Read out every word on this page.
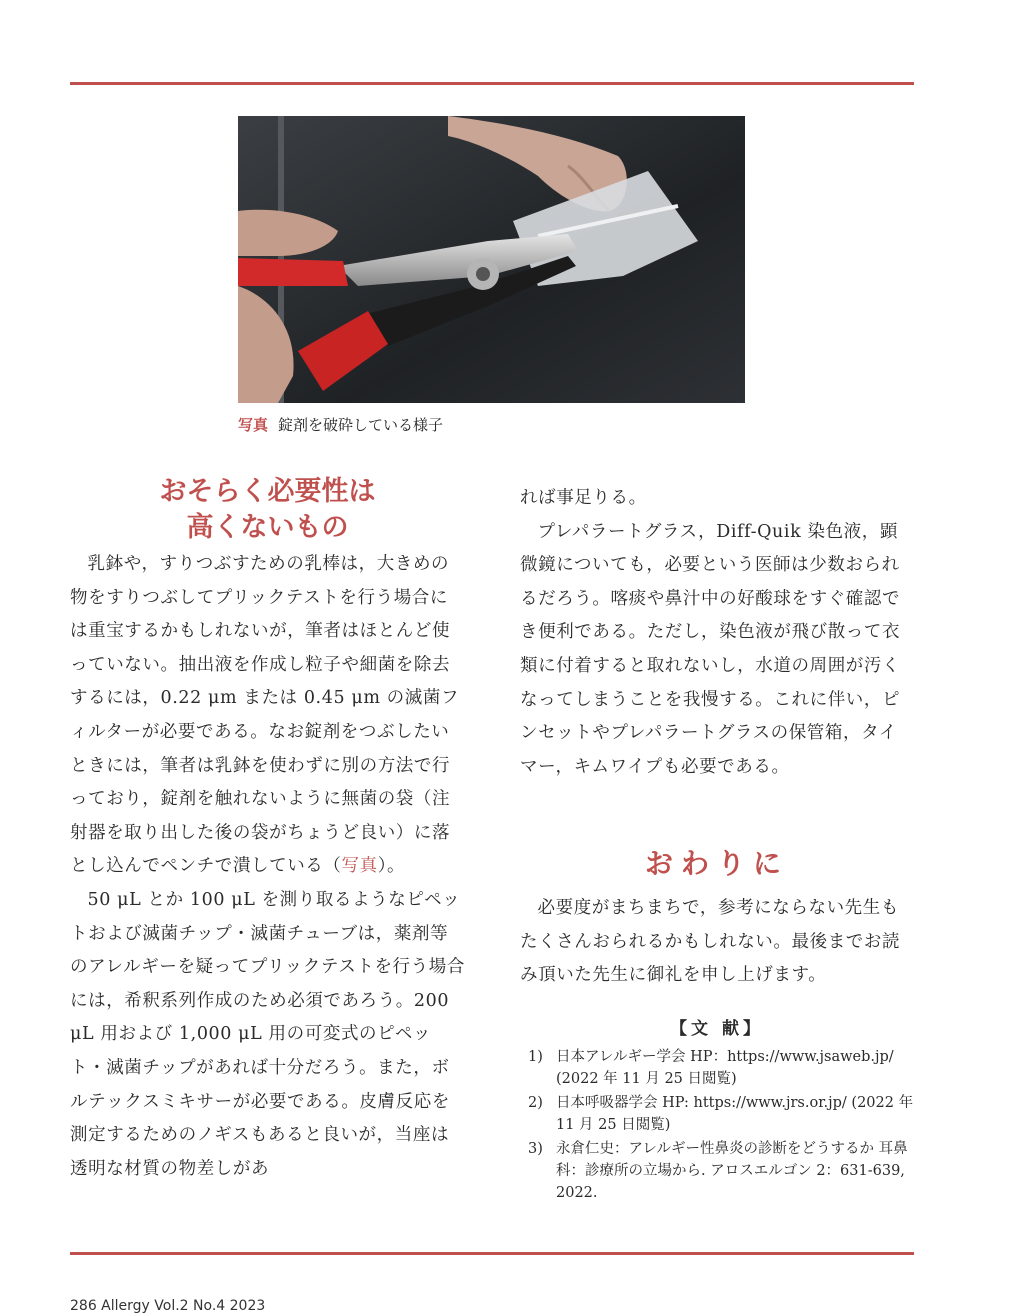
写真 錠剤を破砕している様子
おそらく必要性は
高くないもの

乳鉢や，すりつぶすための乳棒は，大きめの物をすりつぶしてプリックテストを行う場合には重宝するかもしれないが，筆者はほとんど使っていない。抽出液を作成し粒子や細菌を除去するには，0.22 μm または 0.45 μm の滅菌フィルターが必要である。なお錠剤をつぶしたいときには，筆者は乳鉢を使わずに別の方法で行っており，錠剤を触れないように無菌の袋（注射器を取り出した後の袋がちょうど良い）に落とし込んでペンチで潰している（写真）。

50 μL とか 100 μL を測り取るようなピペットおよび滅菌チップ・滅菌チューブは，薬剤等のアレルギーを疑ってプリックテストを行う場合には，希釈系列作成のため必須であろう。200 μL 用および 1,000 μL 用の可変式のピペット・滅菌チップがあれば十分だろう。また，ボルテックスミキサーが必要である。皮膚反応を測定するためのノギスもあると良いが，当座は透明な材質の物差しがあ

れば事足りる。

プレパラートグラス，Diff-Quik 染色液，顕微鏡についても，必要という医師は少数おられるだろう。喀痰や鼻汁中の好酸球をすぐ確認でき便利である。ただし，染色液が飛び散って衣類に付着すると取れないし，水道の周囲が汚くなってしまうことを我慢する。これに伴い，ピンセットやプレパラートグラスの保管箱，タイマー，キムワイプも必要である。

おわりに

必要度がまちまちで，参考にならない先生もたくさんおられるかもしれない。最後までお読み頂いた先生に御礼を申し上げます。

【文 献】
1) 日本アレルギー学会 HP：https://www.jsaweb.jp/ (2022 年 11 月 25 日閲覧)
2) 日本呼吸器学会 HP: https://www.jrs.or.jp/ (2022 年 11 月 25 日閲覧)
3) 永倉仁史：アレルギー性鼻炎の診断をどうするか 耳鼻科：診療所の立場から. アロスエルゴン 2：631-639, 2022.
286 Allergy Vol.2 No.4 2023
